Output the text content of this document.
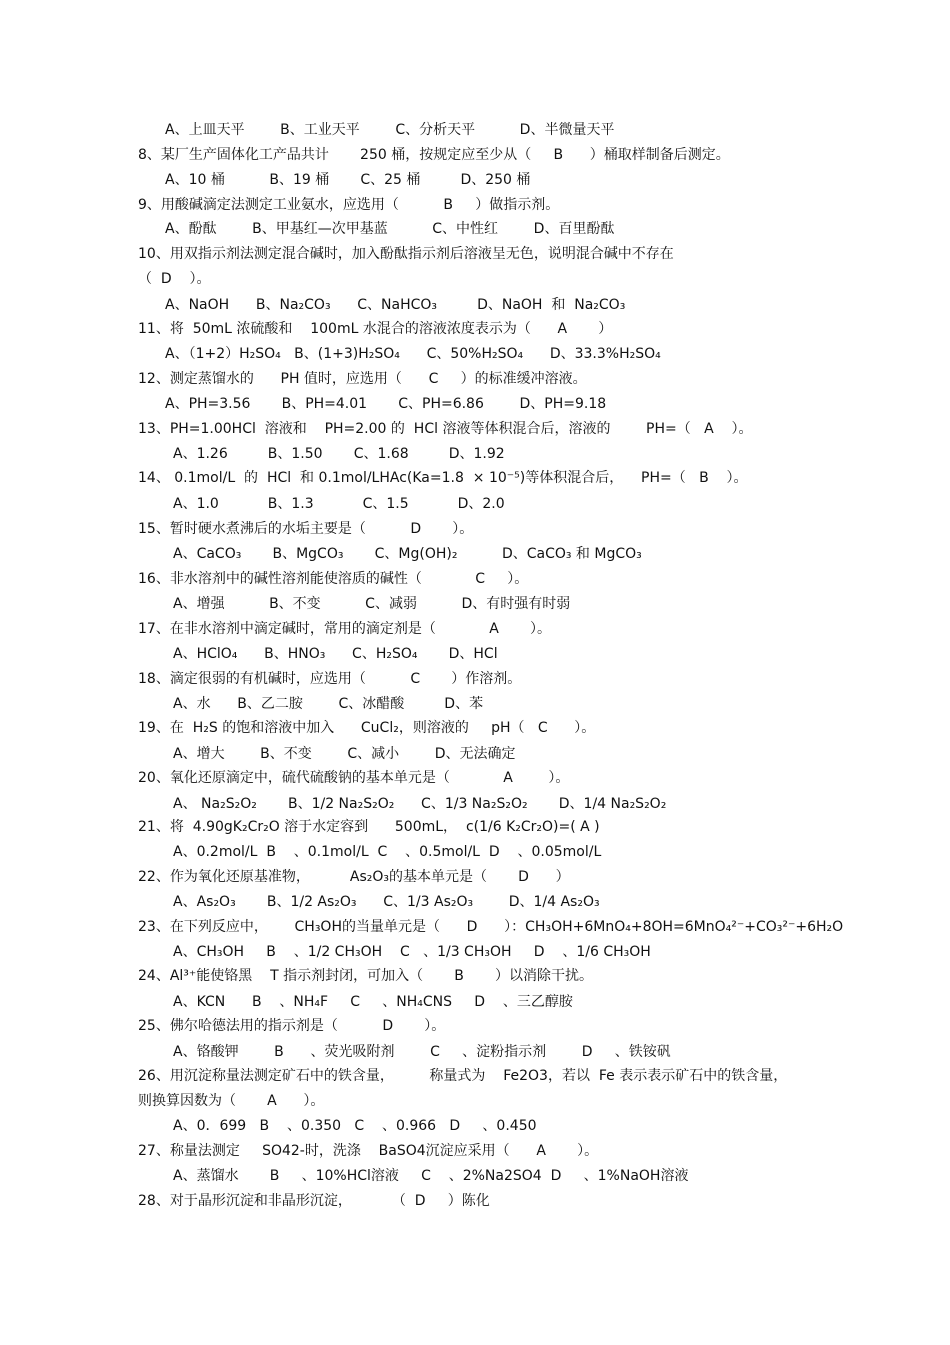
A、上皿天平        B、工业天平        C、分析天平          D、半微量天平
8、某厂生产固体化工产品共计       250 桶，按规定应至少从（     B      ）桶取样制备后测定。
A、10 桶          B、19 桶       C、25 桶         D、250 桶
9、用酸碱滴定法测定工业氨水，应选用（          B     ）做指示剂。
A、酚酞        B、甲基红—次甲基蓝          C、中性红        D、百里酚酞
10、用双指示剂法测定混合碱时，加入酚酞指示剂后溶液呈无色，说明混合碱中不存在
（  D    ）。
A、NaOH      B、Na₂CO₃      C、NaHCO₃         D、NaOH  和  Na₂CO₃
11、将  50mL 浓硫酸和    100mL 水混合的溶液浓度表示为（      A       ）
A、（1+2）H₂SO₄   B、(1+3)H₂SO₄      C、50%H₂SO₄      D、33.3%H₂SO₄
12、测定蒸馏水的      PH 值时，应选用（      C     ）的标准缓冲溶液。
A、PH=3.56       B、PH=4.01       C、PH=6.86        D、PH=9.18
13、PH=1.00HCl  溶液和    PH=2.00 的  HCl 溶液等体积混合后，溶液的        PH=（   A    ）。
A、1.26         B、1.50       C、1.68         D、1.92
14、 0.1mol/L  的  HCl  和 0.1mol/LHAc(Ka=1.8  × 10⁻⁵)等体积混合后，    PH=（   B    ）。
A、1.0           B、1.3           C、1.5           D、2.0
15、暂时硬水煮沸后的水垢主要是（          D       ）。
A、CaCO₃       B、MgCO₃       C、Mg(OH)₂          D、CaCO₃ 和 MgCO₃
16、非水溶剂中的碱性溶剂能使溶质的碱性（            C     ）。
A、增强          B、不变          C、减弱          D、有时强有时弱
17、在非水溶剂中滴定碱时，常用的滴定剂是（            A       ）。
A、HClO₄      B、HNO₃      C、H₂SO₄       D、HCl
18、滴定很弱的有机碱时，应选用（          C       ）作溶剂。
A、水      B、乙二胺        C、冰醋酸         D、苯
19、在  H₂S 的饱和溶液中加入      CuCl₂，则溶液的     pH（   C      ）。
A、增大        B、不变        C、减小        D、无法确定
20、氧化还原滴定中，硫代硫酸钠的基本单元是（            A        ）。
A、 Na₂S₂O₂       B、1/2 Na₂S₂O₂      C、1/3 Na₂S₂O₂       D、1/4 Na₂S₂O₂
21、将  4.90gK₂Cr₂O 溶于水定容到      500mL，  c(1/6 K₂Cr₂O)=( A )
A、0.2mol/L  B    、0.1mol/L  C    、0.5mol/L  D    、0.05mol/L
22、作为氧化还原基准物，         As₂O₃的基本单元是（       D      ）
A、As₂O₃       B、1/2 As₂O₃      C、1/3 As₂O₃        D、1/4 As₂O₃
23、在下列反应中，      CH₃OH的当量单元是（      D      ）：CH₃OH+6MnO₄+8OH=6MnO₄²⁻+CO₃²⁻+6H₂O
A、CH₃OH     B    、1/2 CH₃OH    C   、1/3 CH₃OH     D    、1/6 CH₃OH
24、Al³⁺能使铬黑    T 指示剂封闭，可加入（       B       ）以消除干扰。
A、KCN      B    、NH₄F     C     、NH₄CNS     D    、三乙醇胺
25、佛尔哈德法用的指示剂是（          D       ）。
A、铬酸钾        B      、荧光吸附剂        C     、淀粉指示剂        D     、铁铵矾
26、用沉淀称量法测定矿石中的铁含量，        称量式为    Fe2O3，若以  Fe 表示表示矿石中的铁含量，
则换算因数为（       A      ）。
A、0．699   B    、0.350   C    、0.966   D     、0.450
27、称量法测定     SO42-时，洗涤    BaSO4沉淀应采用（      A       ）。
A、蒸馏水       B     、10%HCl溶液     C    、2%Na2SO4  D     、1%NaOH溶液
28、对于晶形沉淀和非晶形沉淀，         （  D     ）陈化
